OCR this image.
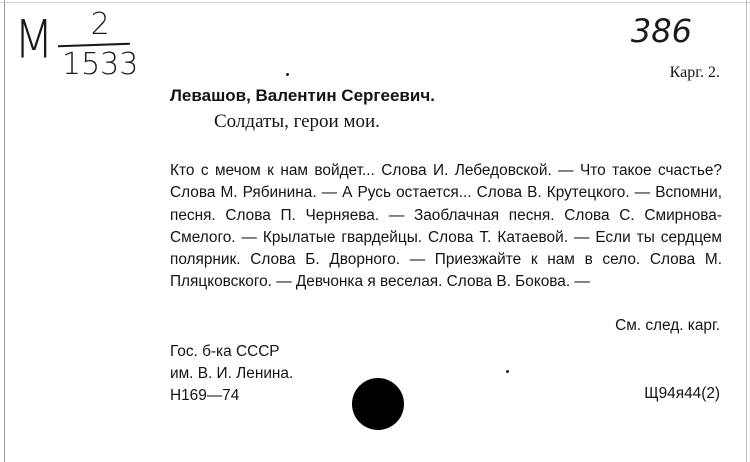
M	2
1533
386
Карг. 2.
Левашов, Валентин Сергеевич.
Солдаты, герои мои.

Кто с мечом к нам войдет... Слова И. Лебедовской. — Что такое счастье? Слова М. Рябинина. — А Русь остается... Слова В. Крутецкого. — Вспомни, песня. Слова П. Черняева. — Заоблачная песня. Слова С. Смирнова-Смелого. — Крылатые гвардейцы. Слова Т. Катаевой. — Если ты сердцем полярник. Слова Б. Дворного. — Приезжайте к нам в село. Слова М. Пляцковского. — Девчонка я веселая. Слова В. Бокова. —

См. след. карг.
Гос. б-ка СССР
им. В. И. Ленина.
Н169—74	Щ94я44(2)
